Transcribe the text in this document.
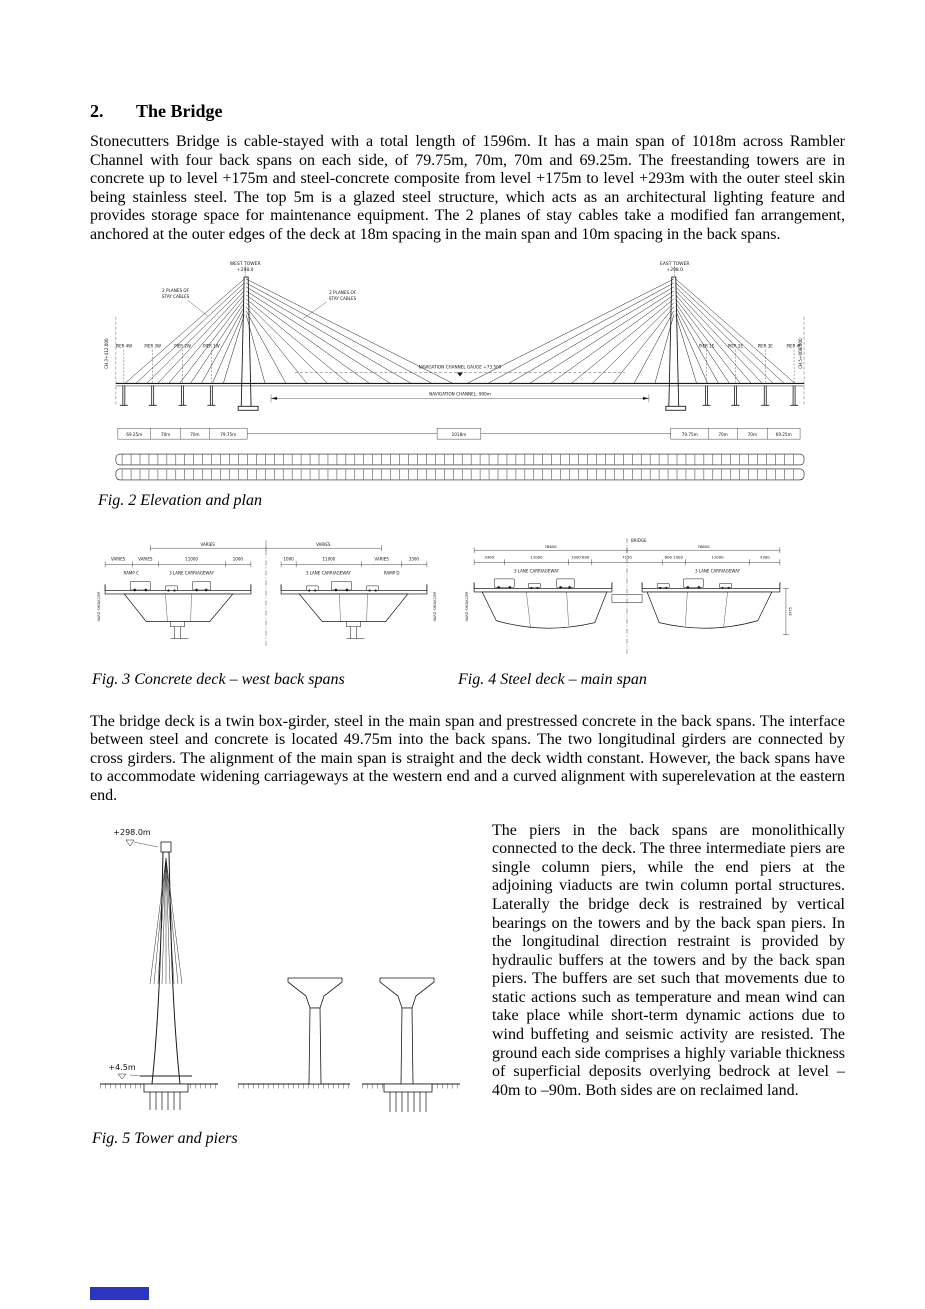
2.	The Bridge

Stonecutters Bridge is cable-stayed with a total length of 1596m. It has a main span of 1018m across Rambler Channel with four back spans on each side, of 79.75m, 70m, 70m and 69.25m. The freestanding towers are in concrete up to level +175m and steel-concrete composite from level +175m to level +293m with the outer steel skin being stainless steel. The top 5m is a glazed steel structure, which acts as an architectural lighting feature and provides storage space for maintenance equipment. The 2 planes of stay cables take a modified fan arrangement, anchored at the outer edges of the deck at 18m spacing in the main span and 10m spacing in the back spans.

WEST TOWER
+298.0
EAST TOWER
+298.0
2 PLANES OF
STAY CABLES
2 PLANES OF
STAY CABLES
NAVIGATION CHANNEL GAUGE +73.500
NAVIGATION CHANNEL: 900m
PIER 4W	PIER 3W	PIER 2W	PIER 1W	PIER 1E	PIER 2E	PIER 3E	PIER 4E
69.25m	70m	70m	79.75m	1018m	79.75m	70m	70m	69.25m
CH.3+412.000	CH.5+008.000
Fig. 2 Elevation and plan
VARIES	VARIES
VARIES	VARIES	11000	1000	1000	11000	VARIES	3300
RAMP C	3 LANE CARRIAGEWAY	3 LANE CARRIAGEWAY	RAMP D
HARD SHOULDER	HARD SHOULDER
Fig. 3 Concrete deck – west back spans
BRIDGE
76650	76650
3300	11000	1000 600	7150	600 1000	11000	3300
3 LANE CARRIAGEWAY	3 LANE CARRIAGEWAY
HARD SHOULDER	3975
Fig. 4 Steel deck – main span

The bridge deck is a twin box-girder, steel in the main span and prestressed concrete in the back spans. The interface between steel and concrete is located 49.75m into the back spans. The two longitudinal girders are connected by cross girders. The alignment of the main span is straight and the deck width constant. However, the back spans have to accommodate widening carriageways at the western end and a curved alignment with superelevation at the eastern end.

+298.0m
+4.5m
Fig. 5 Tower and piers

The piers in the back spans are monolithically connected to the deck. The three intermediate piers are single column piers, while the end piers at the adjoining viaducts are twin column portal structures. Laterally the bridge deck is restrained by vertical bearings on the towers and by the back span piers. In the longitudinal direction restraint is provided by hydraulic buffers at the towers and by the back span piers. The buffers are set such that movements due to static actions such as temperature and mean wind can take place while short-term dynamic actions due to wind buffeting and seismic activity are resisted. The ground each side comprises a highly variable thickness of superficial deposits overlying bedrock at level –40m to –90m. Both sides are on reclaimed land.
